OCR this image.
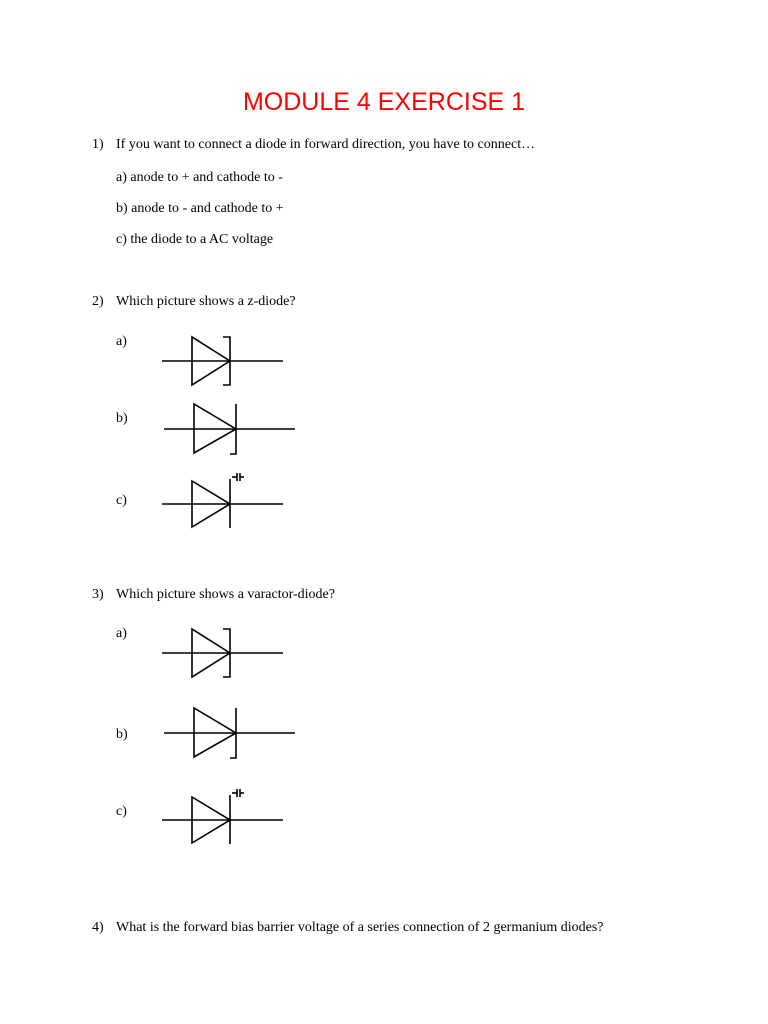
MODULE 4 EXERCISE 1
1) If you want to connect a diode in forward direction, you have to connect…
a) anode to + and cathode to -
b) anode to - and cathode to +
c) the diode to a AC voltage
2) Which picture shows a z-diode?
a)
b)
c)
3) Which picture shows a varactor-diode?
a)
b)
c)
4) What is the forward bias barrier voltage of a series connection of 2 germanium diodes?
